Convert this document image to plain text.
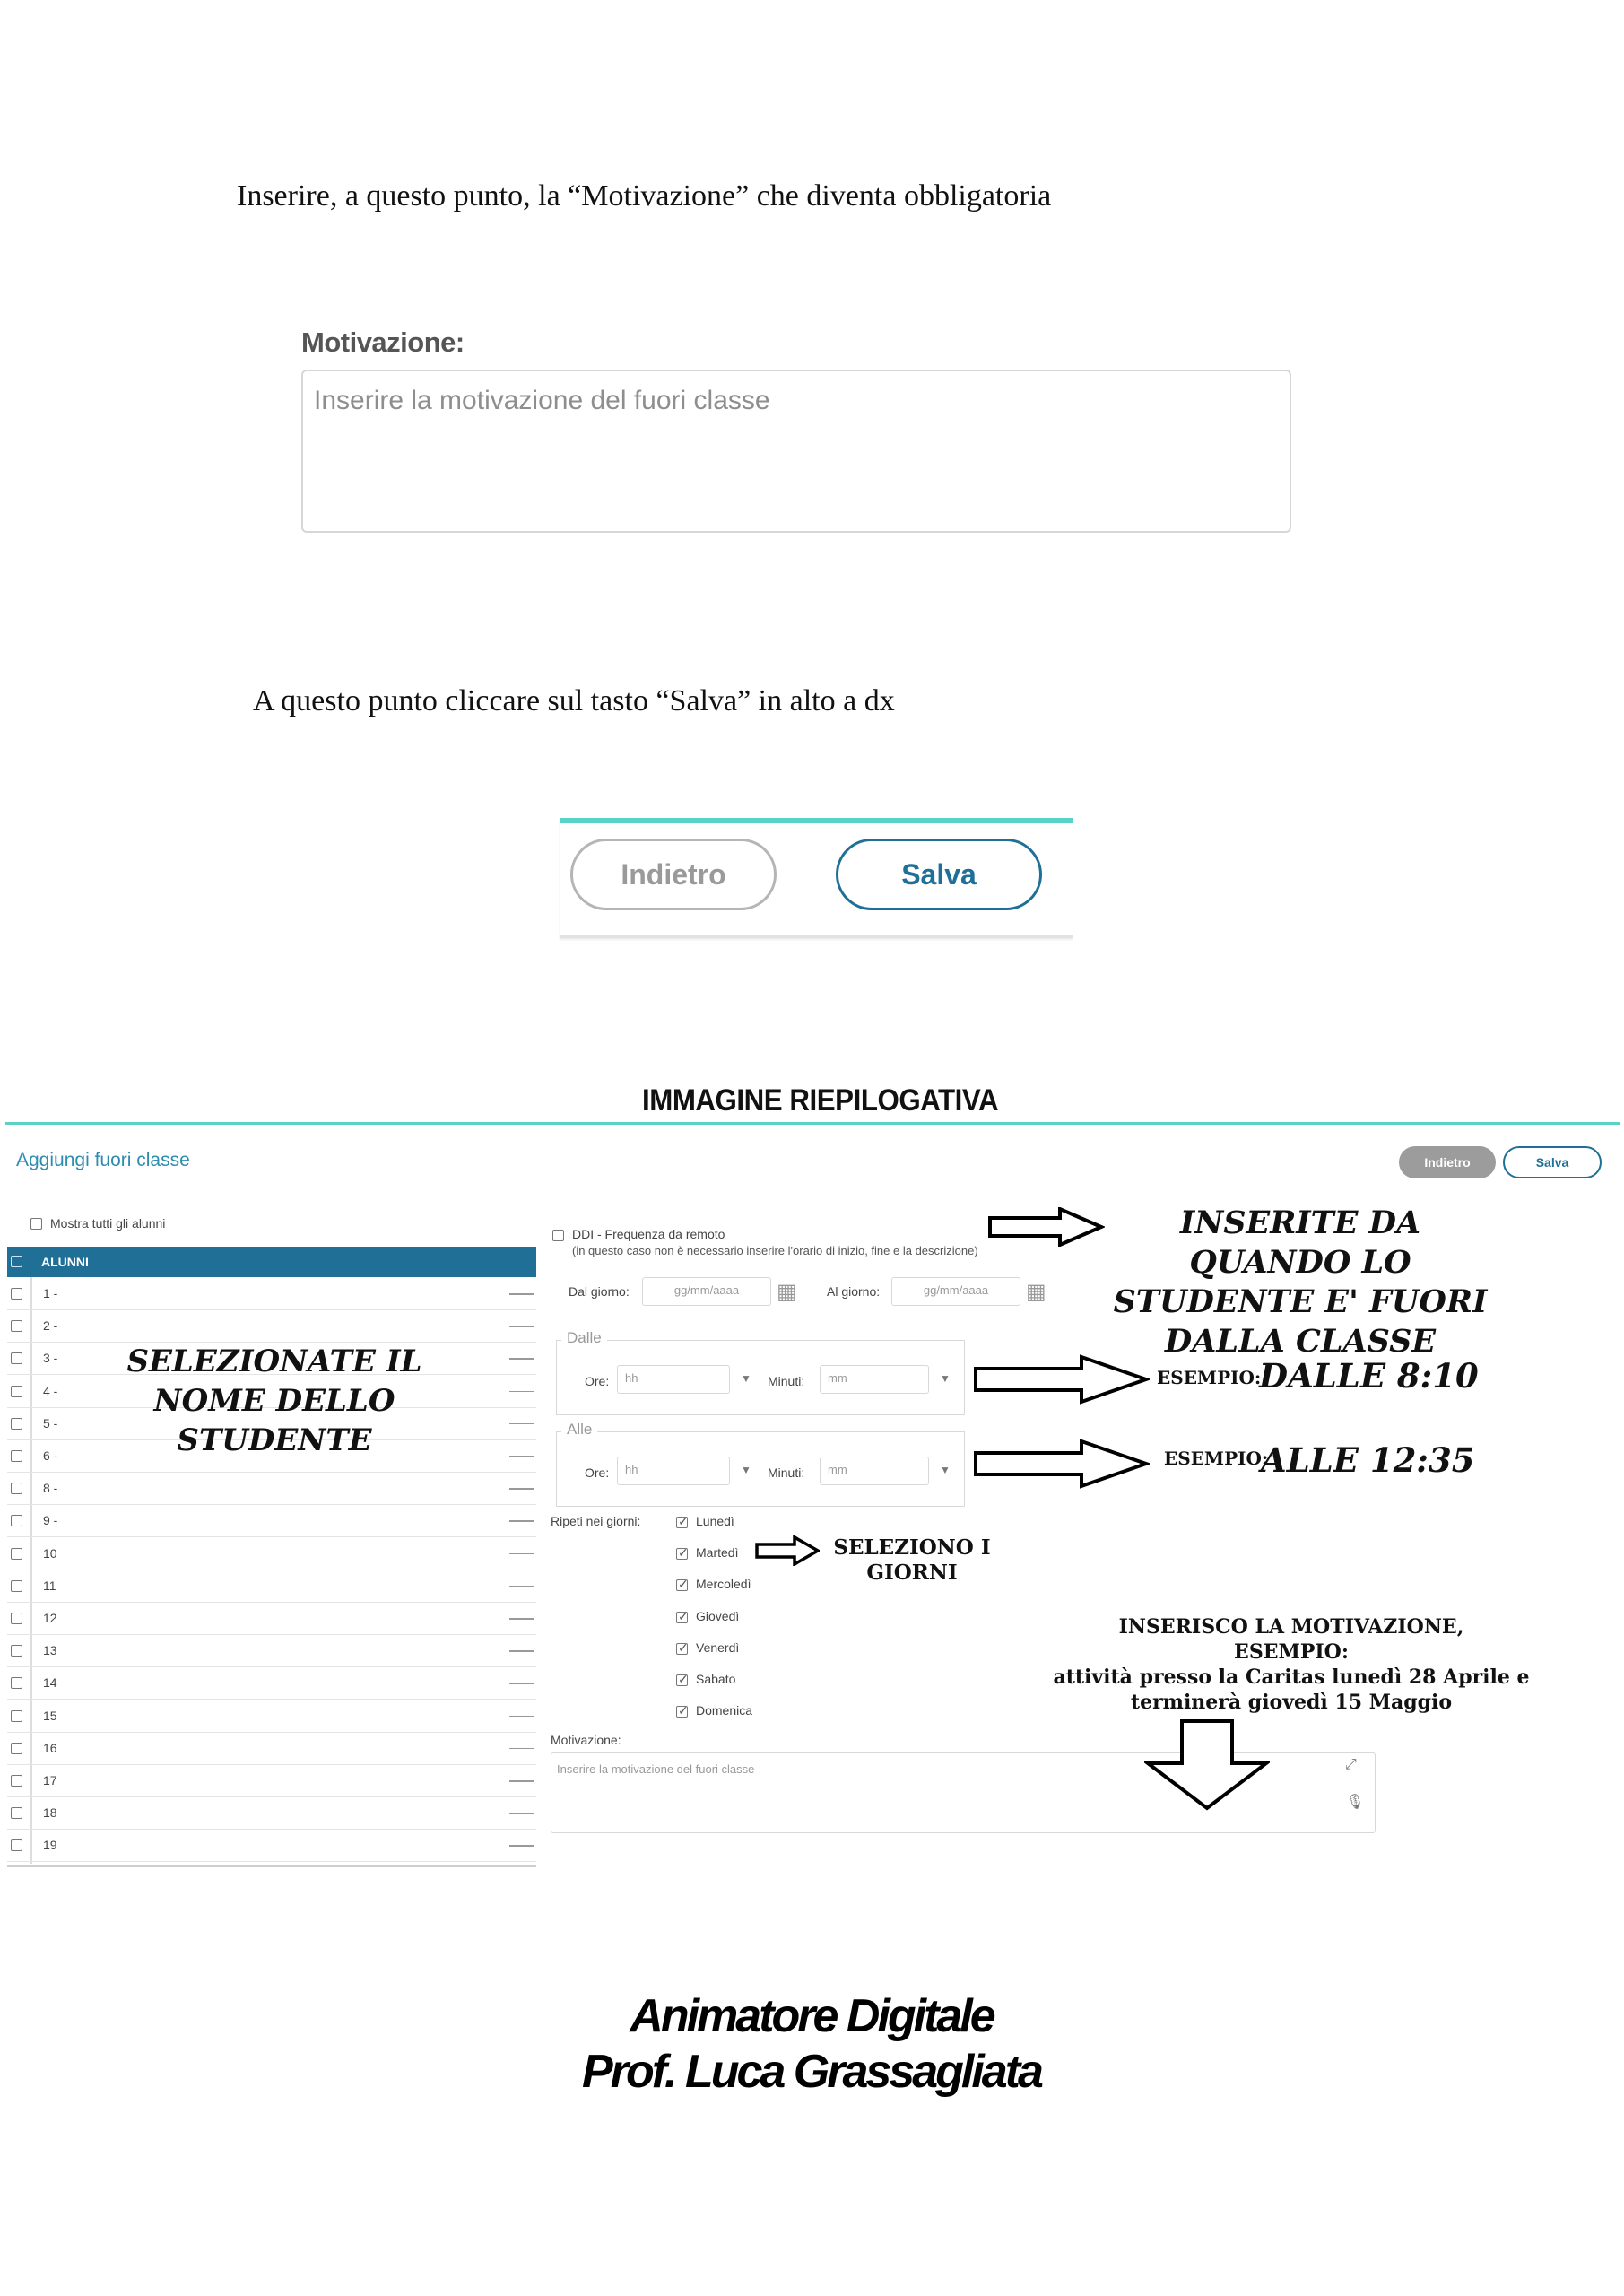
Inserire, a questo punto, la “Motivazione” che diventa obbligatoria
Motivazione:
Inserire la motivazione del fuori classe
A questo punto cliccare sul tasto “Salva” in alto a dx
Indietro	Salva
IMMAGINE RIEPILOGATIVA
Aggiungi fuori classe	Indietro	Salva
Mostra tutti gli alunni
ALUNNI
1 -
2 -
3 -
4 -
5 -
6 -
8 -
9 -
10
11
12
13
14
15
16
17
18
19
DDI - Frequenza da remoto
(in questo caso non è necessario inserire l'orario di inizio, fine e la descrizione)
Dal giorno:	gg/mm/aaaa	▦ Al giorno:	gg/mm/aaaa	▦
Dalle
Ore:	hh	▼ Minuti:	mm	▼
Alle
Ore:	hh	▼ Minuti:	mm	▼
Ripeti nei giorni:
✓	Lunedì
✓
Martedì
✓
Mercoledì
✓
Giovedì
✓
Venerdì
✓
Sabato
✓
Domenica
Motivazione:
Inserire la motivazione del fuori classe	⤢
🎙
SELEZIONATE IL NOME DELLO STUDENTE
INSERITE DA QUANDO LO STUDENTE E' FUORI DALLA CLASSE
ESEMPIO:
DALLE 8:10
ESEMPIO:
ALLE 12:35
SELEZIONO I GIORNI
INSERISCO LA MOTIVAZIONE,
ESEMPIO:
attività presso la Caritas lunedì 28 Aprile e terminerà giovedì 15 Maggio
Animatore Digitale
Prof. Luca Grassagliata
